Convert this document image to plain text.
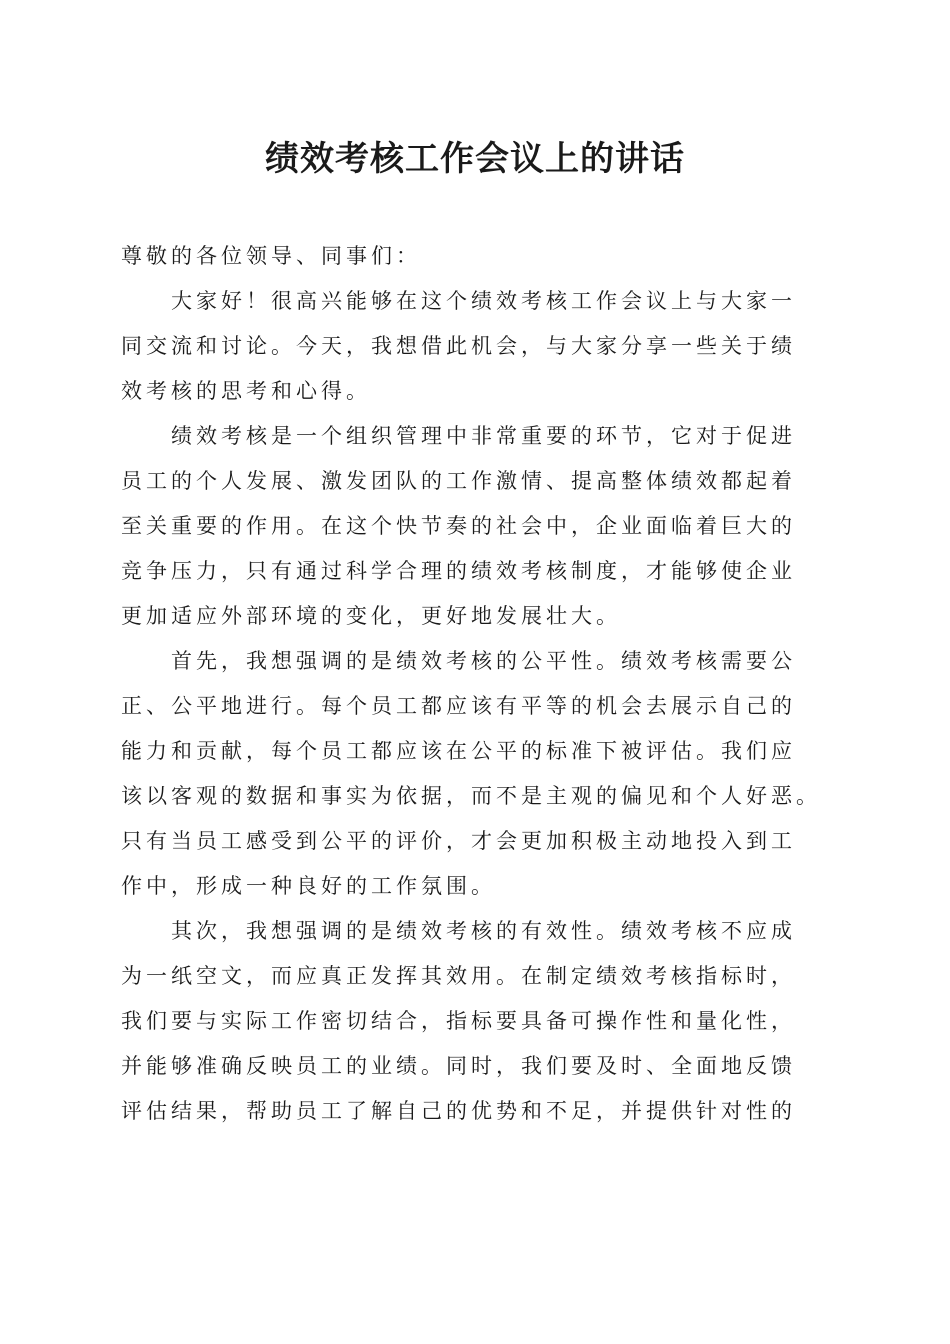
绩效考核工作会议上的讲话

尊敬的各位领导、同事们：

大家好！很高兴能够在这个绩效考核工作会议上与大家一
同交流和讨论。今天，我想借此机会，与大家分享一些关于绩
效考核的思考和心得。

绩效考核是一个组织管理中非常重要的环节，它对于促进
员工的个人发展、激发团队的工作激情、提高整体绩效都起着
至关重要的作用。在这个快节奏的社会中，企业面临着巨大的
竞争压力，只有通过科学合理的绩效考核制度，才能够使企业
更加适应外部环境的变化，更好地发展壮大。

首先，我想强调的是绩效考核的公平性。绩效考核需要公
正、公平地进行。每个员工都应该有平等的机会去展示自己的
能力和贡献，每个员工都应该在公平的标准下被评估。我们应
该以客观的数据和事实为依据，而不是主观的偏见和个人好恶。
只有当员工感受到公平的评价，才会更加积极主动地投入到工
作中，形成一种良好的工作氛围。

其次，我想强调的是绩效考核的有效性。绩效考核不应成
为一纸空文，而应真正发挥其效用。在制定绩效考核指标时，
我们要与实际工作密切结合，指标要具备可操作性和量化性，
并能够准确反映员工的业绩。同时，我们要及时、全面地反馈
评估结果，帮助员工了解自己的优势和不足，并提供针对性的
